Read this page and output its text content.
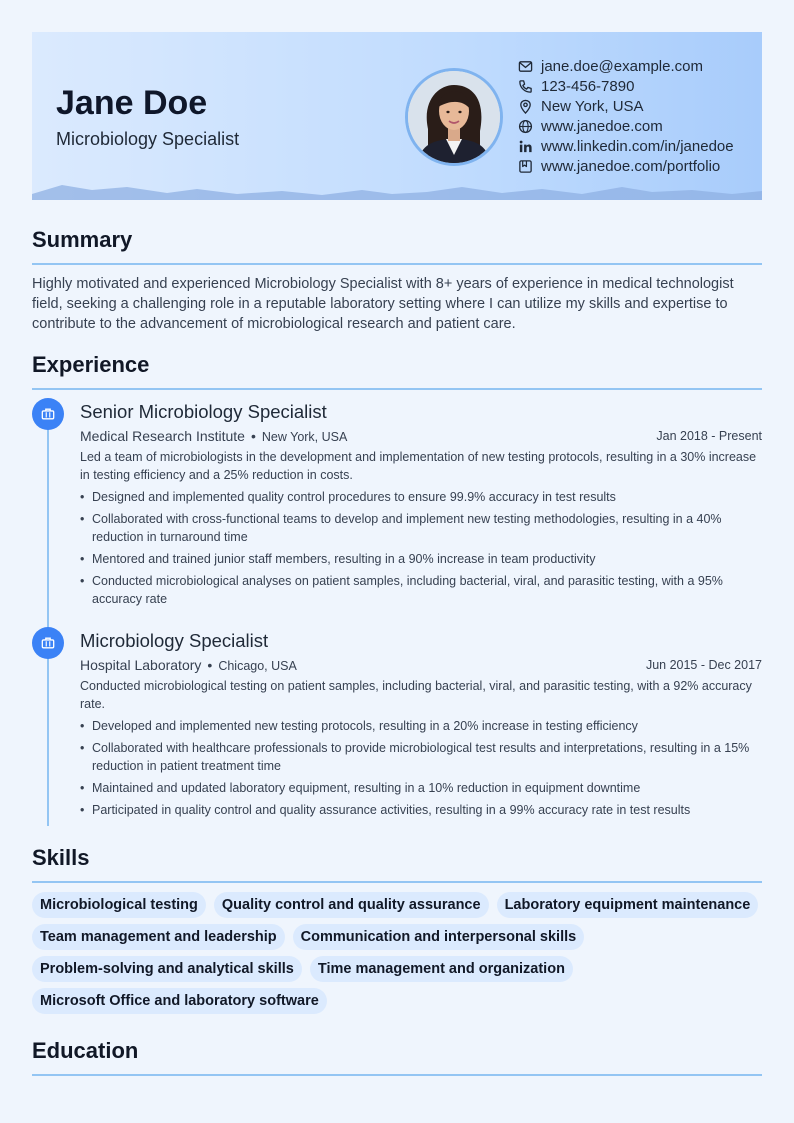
Jane Doe
Microbiology Specialist
jane.doe@example.com
123-456-7890
New York, USA
www.janedoe.com
www.linkedin.com/in/janedoe
www.janedoe.com/portfolio
Summary

Highly motivated and experienced Microbiology Specialist with 8+ years of experience in medical technologist field, seeking a challenging role in a reputable laboratory setting where I can utilize my skills and expertise to contribute to the advancement of microbiological research and patient care.

Experience
Senior Microbiology Specialist
Medical Research Institute • New York, USA	Jan 2018 - Present

Led a team of microbiologists in the development and implementation of new testing protocols, resulting in a 30% increase in testing efficiency and a 25% reduction in costs.

• Designed and implemented quality control procedures to ensure 99.9% accuracy in test results
• Collaborated with cross-functional teams to develop and implement new testing methodologies, resulting in a 40% reduction in turnaround time
• Mentored and trained junior staff members, resulting in a 90% increase in team productivity
• Conducted microbiological analyses on patient samples, including bacterial, viral, and parasitic testing, with a 95% accuracy rate
Microbiology Specialist
Hospital Laboratory • Chicago, USA	Jun 2015 - Dec 2017

Conducted microbiological testing on patient samples, including bacterial, viral, and parasitic testing, with a 92% accuracy rate.

• Developed and implemented new testing protocols, resulting in a 20% increase in testing efficiency
• Collaborated with healthcare professionals to provide microbiological test results and interpretations, resulting in a 15% reduction in patient treatment time
• Maintained and updated laboratory equipment, resulting in a 10% reduction in equipment downtime
• Participated in quality control and quality assurance activities, resulting in a 99% accuracy rate in test results
Skills
Microbiological testing	Quality control and quality assurance	Laboratory equipment maintenance
Team management and leadership	Communication and interpersonal skills
Problem-solving and analytical skills	Time management and organization
Microsoft Office and laboratory software
Education
